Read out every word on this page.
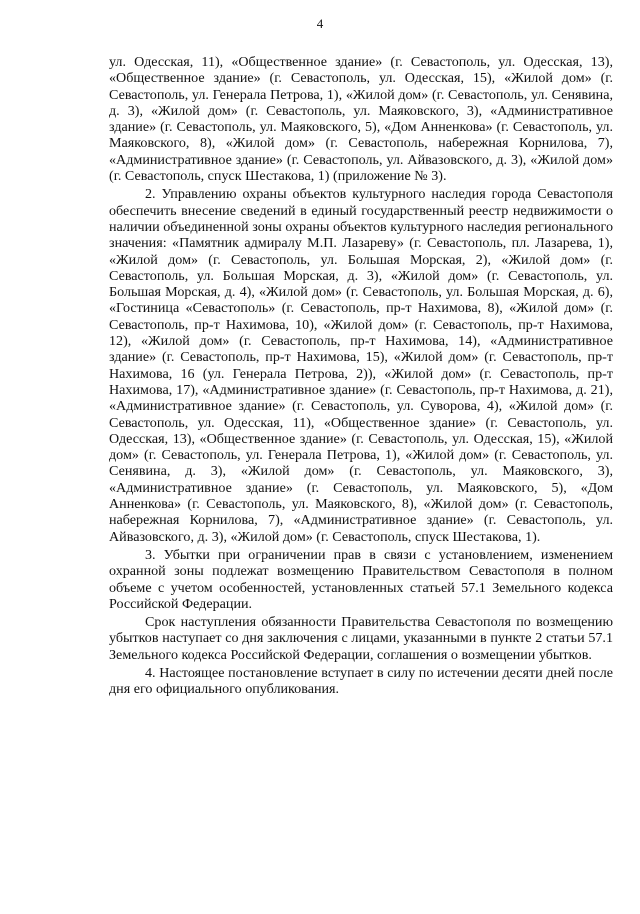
4

ул. Одесская, 11), «Общественное здание» (г. Севастополь, ул. Одесская, 13), «Общественное здание» (г. Севастополь, ул. Одесская, 15), «Жилой дом» (г. Севастополь, ул. Генерала Петрова, 1), «Жилой дом» (г. Севастополь, ул. Сенявина, д. 3), «Жилой дом» (г. Севастополь, ул. Маяковского, 3), «Административное здание» (г. Севастополь, ул. Маяковского, 5), «Дом Анненкова» (г. Севастополь, ул. Маяковского, 8), «Жилой дом» (г. Севастополь, набережная Корнилова, 7), «Административное здание» (г. Севастополь, ул. Айвазовского, д. 3), «Жилой дом» (г. Севастополь, спуск Шестакова, 1) (приложение № 3).

2. Управлению охраны объектов культурного наследия города Севастополя обеспечить внесение сведений в единый государственный реестр недвижимости о наличии объединенной зоны охраны объектов культурного наследия регионального значения: «Памятник адмиралу М.П. Лазареву» (г. Севастополь, пл. Лазарева, 1), «Жилой дом» (г. Севастополь, ул. Большая Морская, 2), «Жилой дом» (г. Севастополь, ул. Большая Морская, д. 3), «Жилой дом» (г. Севастополь, ул. Большая Морская, д. 4), «Жилой дом» (г. Севастополь, ул. Большая Морская, д. 6), «Гостиница «Севастополь» (г. Севастополь, пр-т Нахимова, 8), «Жилой дом» (г. Севастополь, пр-т Нахимова, 10), «Жилой дом» (г. Севастополь, пр-т Нахимова, 12), «Жилой дом» (г. Севастополь, пр-т Нахимова, 14), «Административное здание» (г. Севастополь, пр-т Нахимова, 15), «Жилой дом» (г. Севастополь, пр-т Нахимова, 16 (ул. Генерала Петрова, 2)), «Жилой дом» (г. Севастополь, пр-т Нахимова, 17), «Административное здание» (г. Севастополь, пр-т Нахимова, д. 21), «Административное здание» (г. Севастополь, ул. Суворова, 4), «Жилой дом» (г. Севастополь, ул. Одесская, 11), «Общественное здание» (г. Севастополь, ул. Одесская, 13), «Общественное здание» (г. Севастополь, ул. Одесская, 15), «Жилой дом» (г. Севастополь, ул. Генерала Петрова, 1), «Жилой дом» (г. Севастополь, ул. Сенявина, д. 3), «Жилой дом» (г. Севастополь, ул. Маяковского, 3), «Административное здание» (г. Севастополь, ул. Маяковского, 5), «Дом Анненкова» (г. Севастополь, ул. Маяковского, 8), «Жилой дом» (г. Севастополь, набережная Корнилова, 7), «Административное здание» (г. Севастополь, ул. Айвазовского, д. 3), «Жилой дом» (г. Севастополь, спуск Шестакова, 1).

3. Убытки при ограничении прав в связи с установлением, изменением охранной зоны подлежат возмещению Правительством Севастополя в полном объеме с учетом особенностей, установленных статьей 57.1 Земельного кодекса Российской Федерации.

Срок наступления обязанности Правительства Севастополя по возмещению убытков наступает со дня заключения с лицами, указанными в пункте 2 статьи 57.1 Земельного кодекса Российской Федерации, соглашения о возмещении убытков.

4. Настоящее постановление вступает в силу по истечении десяти дней после дня его официального опубликования.
